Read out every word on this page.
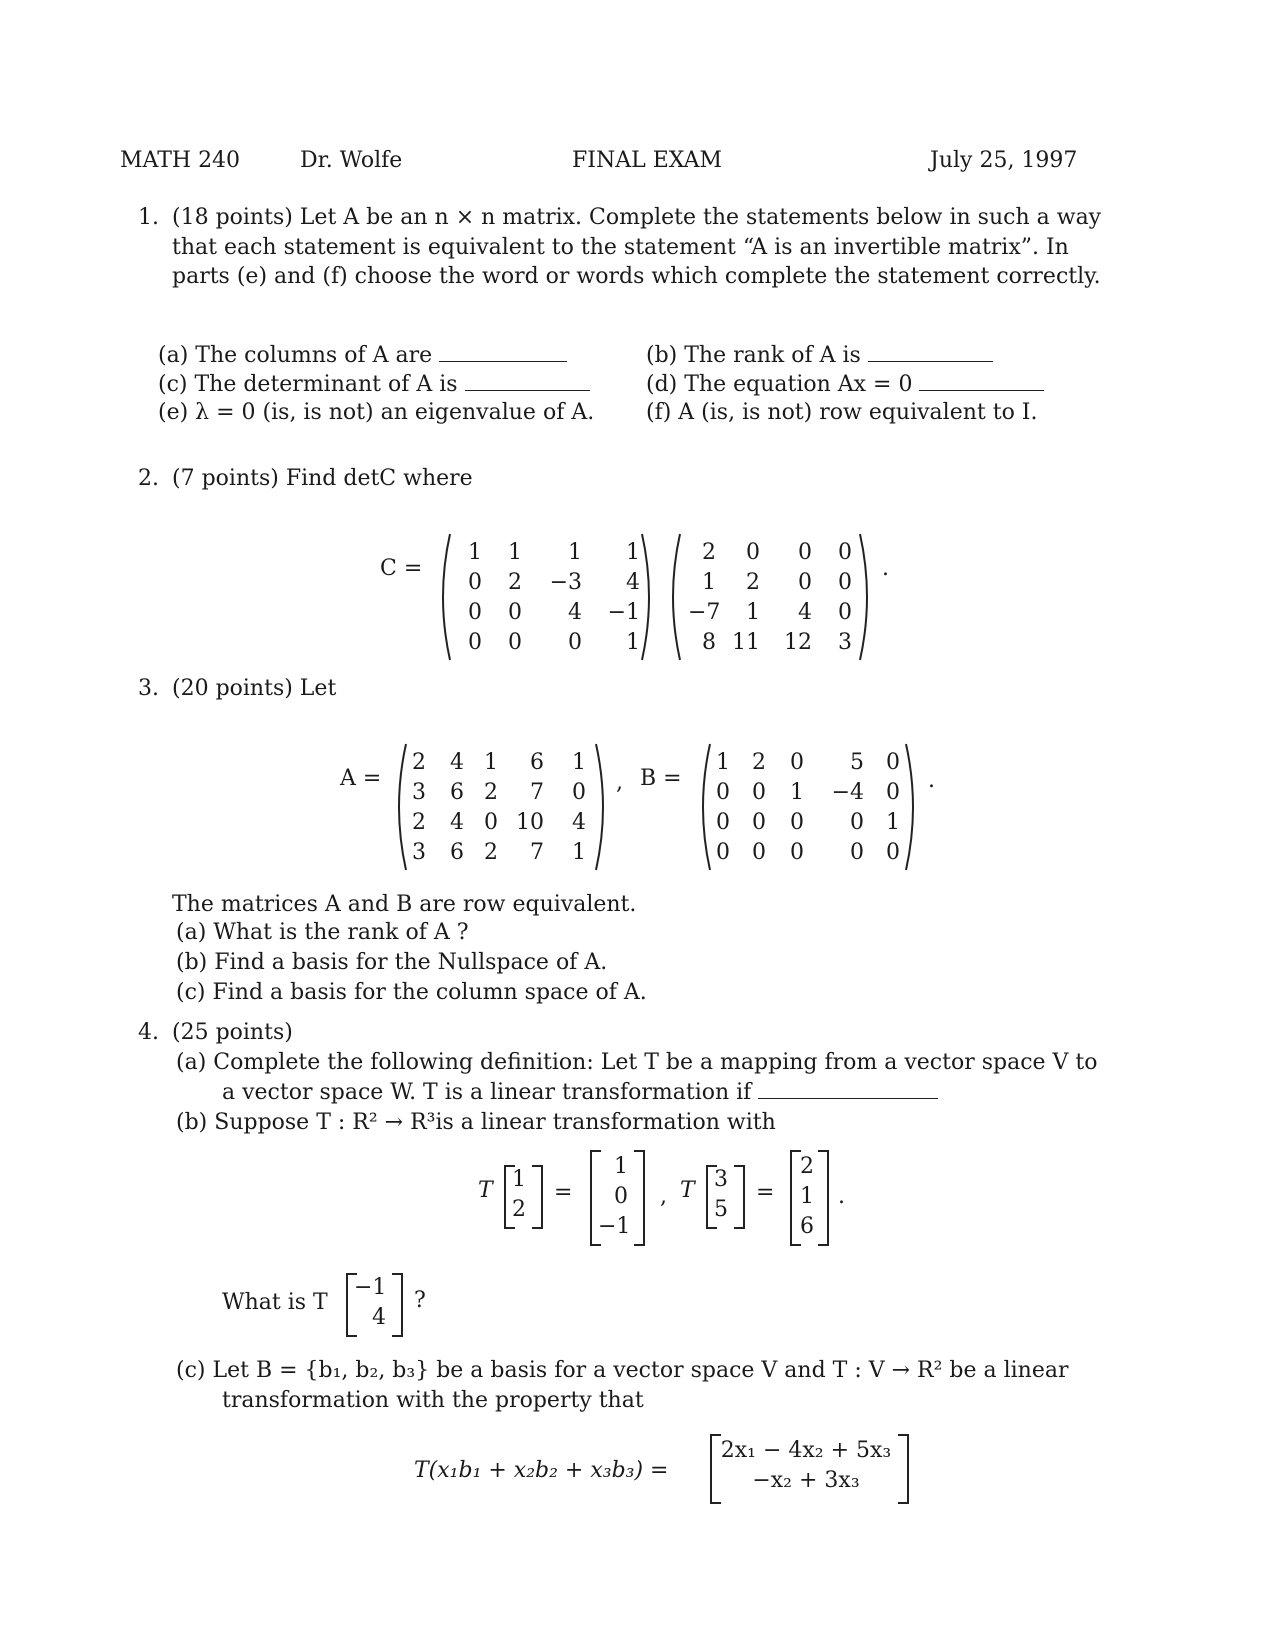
MATH 240	Dr. Wolfe	FINAL EXAM	July 25, 1997
1. (18 points) Let A be an n × n matrix. Complete the statements below in such a way
that each statement is equivalent to the statement “A is an invertible matrix”. In
parts (e) and (f) choose the word or words which complete the statement correctly.
(a) The columns of A are	(b) The rank of A is
(c) The determinant of A is	(d) The equation Ax = 0
(e) λ = 0 (is, is not) an eigenvalue of A. (f) A (is, is not) row equivalent to I.
2. (7 points) Find detC where
C =
1	1	1	1
0	2	−3	4
0	0	4	−1
0	0	0	1
2	0	0	0
1	2	0	0
−7	1	4	0
8 11	12	3
.
3. (20 points) Let
A =
2	4 1	6	1
3	6 2	7	0
2	4 0 10	4
3	6 2	7	1
, B =
1	2	0	5	0
0	0	1	−4	0
0	0	0	0	1
0	0	0	0	0
.
The matrices A and B are row equivalent.
(a) What is the rank of A ?
(b) Find a basis for the Nullspace of A.
(c) Find a basis for the column space of A.
4. (25 points)
(a) Complete the following definition: Let T be a mapping from a vector space V to
a vector space W. T is a linear transformation if
(b) Suppose T : R² → R³is a linear transformation with
T 1
2
=
1
0
−1
, T 3
5
=
2
1
6
.
What is T
−1
4
?
(c) Let B = {b₁, b₂, b₃} be a basis for a vector space V and T : V → R² be a linear
transformation with the property that
T(x₁b₁ + x₂b₂ + x₃b₃) =
2x₁ − 4x₂ + 5x₃
−x₂ + 3x₃
